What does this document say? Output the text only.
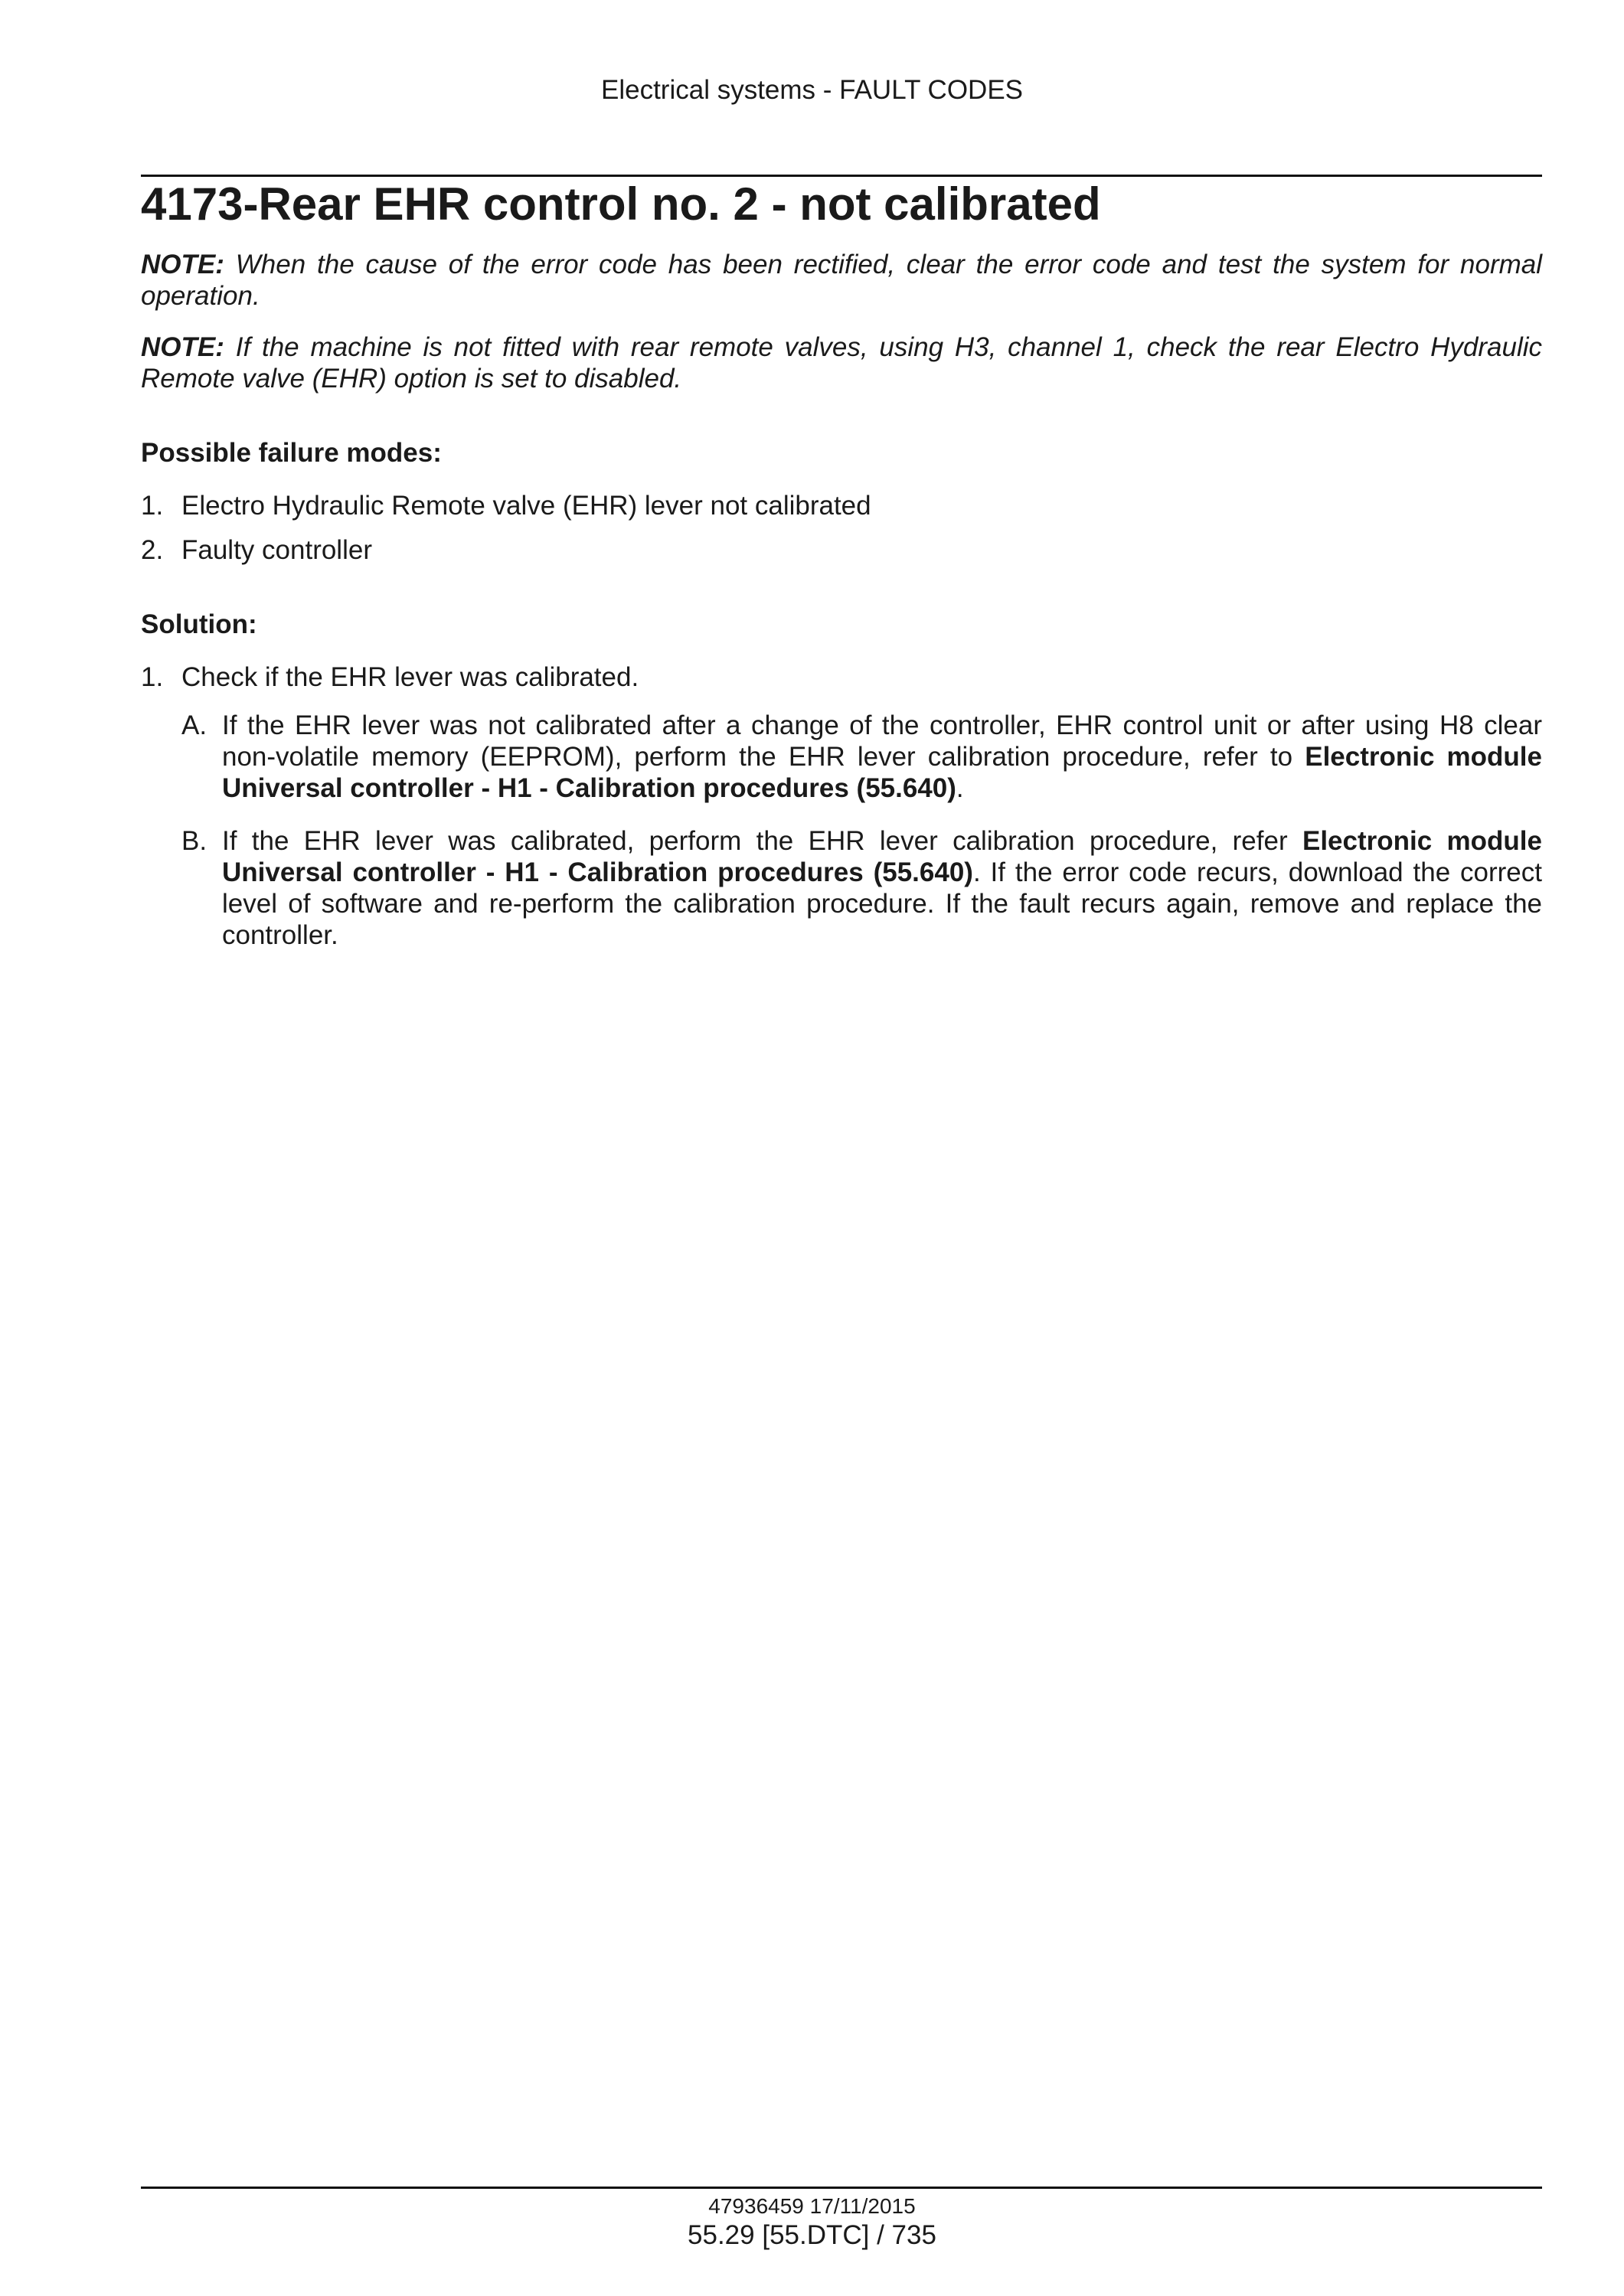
Electrical systems - FAULT CODES
4173-Rear EHR control no. 2 - not calibrated

NOTE: When the cause of the error code has been rectified, clear the error code and test the system for normal operation.

NOTE: If the machine is not fitted with rear remote valves, using H3, channel 1, check the rear Electro Hydraulic Remote valve (EHR) option is set to disabled.

Possible failure modes:
1. Electro Hydraulic Remote valve (EHR) lever not calibrated
2. Faulty controller
Solution:
1. Check if the EHR lever was calibrated.
A. If the EHR lever was not calibrated after a change of the controller, EHR control unit or after using H8 clear non-volatile memory (EEPROM), perform the EHR lever calibration procedure, refer to Electronic module Universal controller - H1 - Calibration procedures (55.640).
B. If the EHR lever was calibrated, perform the EHR lever calibration procedure, refer Electronic module Universal controller - H1 - Calibration procedures (55.640). If the error code recurs, download the correct level of software and re-perform the calibration procedure. If the fault recurs again, remove and replace the controller.
47936459 17/11/2015
55.29 [55.DTC] / 735
